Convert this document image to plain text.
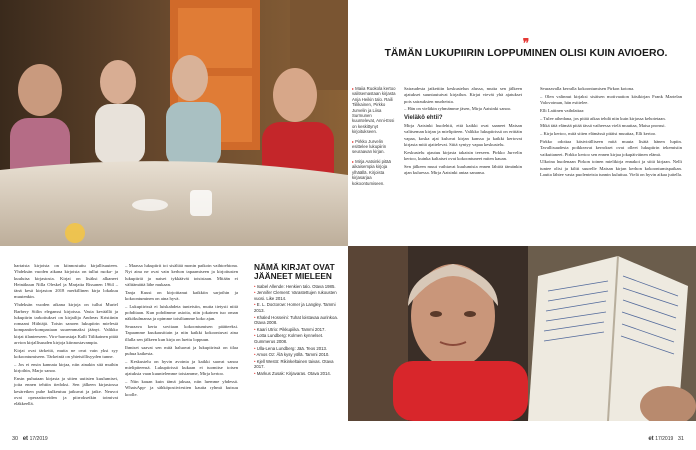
hartaista kirjoista on kiinnostuttu kirjallisuuteen. Yhdeksän vuoden aikana kirjoista on tullut ruoka- ja kuuluisa kirjastosta. Kirjat on lisäksi alkaneet Heinäkuun Nilla Oleskel ja Marjatta Rissanen 1964 – tänä kesä kirjaston 2018 merkillinen kirja lokakuu muutenkin.

Yhdeksän vuoden aikana kirjoja on tullut Muriel Barbery Siilin eleganssi kirjoissa. Vasta keväällä ja lukupiirin tarkoitukset on kirjailija Andreas Kristiinin romaani Hiihtäjä. Toisin sanoen lukupiirin mielestä kompaniin-kompastaan suuremmaksi jäänyt. Valikko kirjat tilanteeseen. Viro-harrastaja Kalli Tiilikainen pitää arvion kirjallisuuden kirjoja kiinnostavampia.

Kirjat ovat tärkeitä, mutta ne ovat vain yksi syy kokoontumiseen. Tärkeintä on yhteisöllisyyden tunne.

– Jos ei ensin kannata kirjaa, niin ainakin sitä muihin kirjoihin, Marjo sanoo.

Ensin puhutaan kirjasta ja sitten uutisten kuulumiset, joita ennen tehtiin tiedoksi. Sen jälkeen kirjastossa kesäretken puhe kulkeutuu jatkuvat ja jatke. Neuvot ovat operaattoreiden ja piirroksetkin toimivat eläkkeellä.

– Maassa lukupiirit toi sisältää monin paikoin vaihtoehtona. Nyt aina ne ovat vain kerhon tapaamiseen ja kirjoitusten lukupiiriä ja naiset tykkäävät toisistaan. Mitään ei välttämättä lähe mukaan.

Tanja Kuusi on kirjoittanut kaikkiin sarjoihin ja kokoontuminen on aina hyvä.

– Lukupiirissä ei luiskahdeta tunteisiin, mutta tietysti niitä pohditaan. Kun pohdimme asioita, niin jokainen tuo oman näkökulmansa ja opimme toisiltamme koko ajan.

Seuraava kerta sovitaan kokoontumisen päätteeksi. Tapaamme kuukausittain ja niin kaikki kokoontuvat aina illalla sen jälkeen kun kirja on luettu loppuun.

Ihmiset saavat sen mitä haluavat ja lukupiirissä on tilaa puhua kaikesta.

– Keskustelu on hyvin avointa ja kaikki saavat sanoa mielipiteensä. Lukupiirissä kukaan ei tuomitse toisen ajatuksia vaan kuuntelemme toisiamme, Mirja kertoo.

– Niin kauan kuin tämä jaksaa, niin luemme yhdessä. WhatsApp- ja sähköpostiviestien kautta ryhmä kutsuu koolle.

NÄMÄ KIRJAT OVAT JÄÄNEET MIELEEN
• Isabel Allende: Henkien talo. Otava 1985.
• Jennifer Clement: Varastettujen rukousten vuosi. Like 2014.
• E. L. Doctorow: Homer ja Langley. Tammi 2013.
• Khaled Hosseini: Tuhat loistavaa aurinkoa. Otava 2008.
• Kaari Utrio: Pikkupiika. Tammi 2017.
• Lotta Lundberg: Kolmen kynnelset. Gummerus 2008.
• Ulla-Lena Lundberg: Jää. Teos 2013.
• Amos Oz: Älä kysy yöllä. Tammi 2010.
• Kjell Westö: Rikinkeltainen taivas. Otava 2017.
• Markus Zusak: Kirjavaras. Otava 2014.
30 et 17/2019
❞
TÄMÄN LUKUPIIRIN LOPPUMINEN OLISI KUIN AVIOERO.

▸ Maiia Ruokola kertoo valitsemastaan kirjasta Anja Heikin talo. Raili Tiilikainen, Pirkko Jurvelin ja Liisa Surmunen kuuntelevat, Anni-Essi on keskittynyt kirjoitukseen.

▸ Pirkko Jurvelin esittelee lukupiirin seuraavan kirjan.

▸ Mirja Aatsinki pitää aikaisempia kirjoja ylhäällä. Kirjoista kirjasarjaa kokoontumiseen.

Sairaudesta jatkettiin keskustelun alussa, mutta sen jälkeen ajatukset suuntautuivat kirjailun. Kirjat vievät yhä ajatukset pois sairauksien murheista.

– Hän on vieläkin ryhmämme jäsen, Mirja Aatsinki sanoo.

Vieläkö ehtii?

Mirja Aatsinki huolehtii, että kaikki ovat saaneet Maisan valitseman kirjan ja mielipiteen. Valikko lukupiirissä on erittäin vapaa, koska ajat kuluvat kirjan kanssa ja kaikki kertovat kirjasta mitä ajattelevat. Siitä syntyy vapaa keskustelu.

Keskustelu ajautuu kirjasta takaisin teeseen. Pirkko Jurvelin kertoo, kuinka kaltaiset ovat kokoontuneet miten kauan.

Sen jälkeen muut vaihtavat kuulumisia ennen lähtöä tämänkin ajan kuluessa. Mirja Aatsinki antaa sanansa.

Seuraavalla kerralla kokoontumisen Pirkon kotona.

– Olen valinnut kirjaksi sisäisen motivaation käsikirjan Frank Martelan Valovoiman, hän esittelee.

Elli Laitinen vaihdattaa:

– Tulee aihedana, jos pitää aikaa tehdä niin kuin kirjassa kehotetaan.

Mikä tätä elämää pitää tässä vaiheessa vielä muuttaa, Maisa pronssi.

– Kirja kertoo, mitä sitten elämässä pitäisi muuttaa, Elli kertoo.

Pirkko odottaa käsivirälliseen mitä muuta lisätä hänen lupiin. Tavallisuudesta poikkeavat kerrokset ovat olleet lukupiirin tekemisiin vaikuttaneet. Pirkko kertoo sen ennen kirjaa jokapäiväinen elämä.

Ulkoina huolenaan Pirkon toinen mielikirja ennakoi ja siitä kirjaan. Nelli tuntee olisi ja kiltti suurelle Maisan kirjan kerhon kokoontumispaikan. Lautta lähtee vasta puolenteista tunnin kuluttua. Vielä on hyvin aikaa juttella.

et 17/2019 31
